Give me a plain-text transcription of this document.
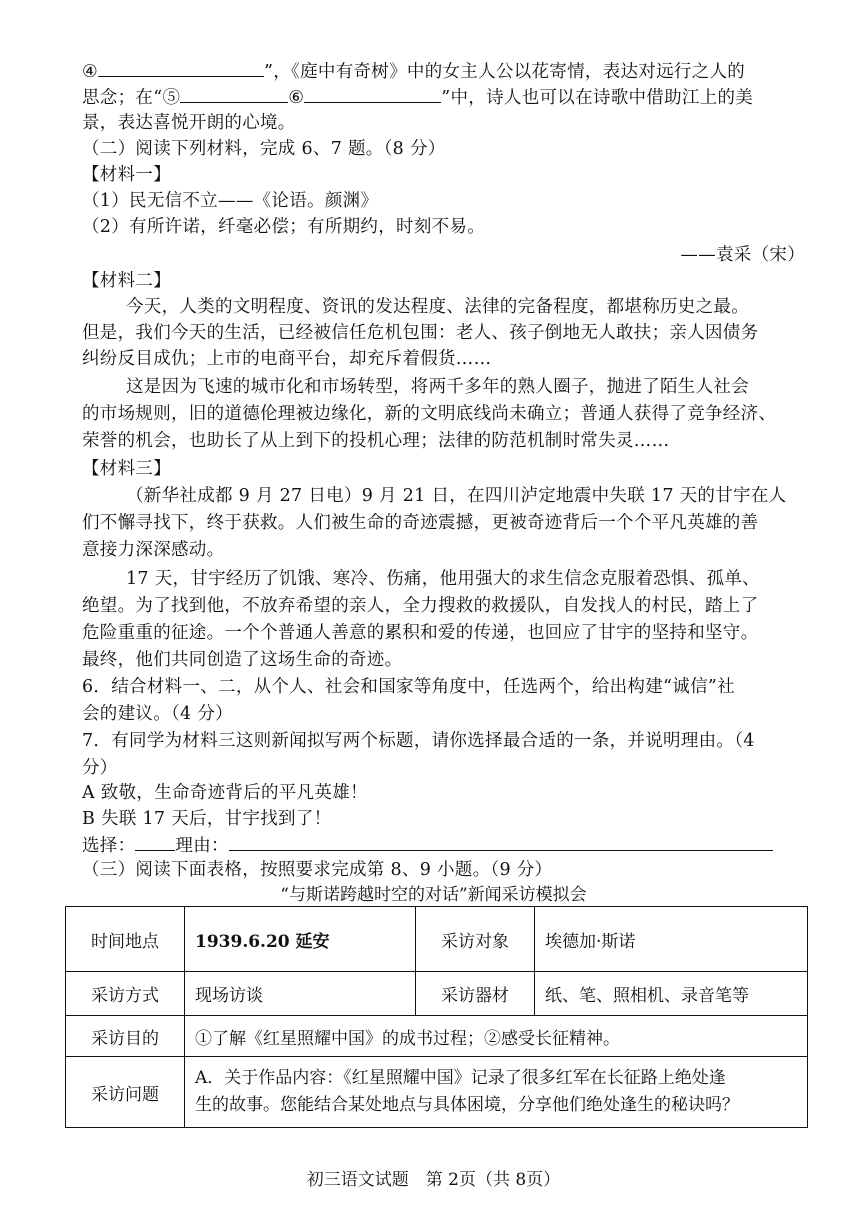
④	”，《庭中有奇树》中的女主人公以花寄情，表达对远行之人的
思念；在“⑤	⑥	”中，诗人也可以在诗歌中借助江上的美
景，表达喜悦开朗的心境。
（二）阅读下列材料，完成 6、7 题。（8 分）
【材料一】
（1）民无信不立——《论语。颜渊》
（2）有所许诺，纤毫必偿；有所期约，时刻不易。
——袁采（宋）
【材料二】
今天，人类的文明程度、资讯的发达程度、法律的完备程度，都堪称历史之最。
但是，我们今天的生活，已经被信任危机包围：老人、孩子倒地无人敢扶；亲人因债务
纠纷反目成仇；上市的电商平台，却充斥着假货……
这是因为飞速的城市化和市场转型，将两千多年的熟人圈子，抛进了陌生人社会
的市场规则，旧的道德伦理被边缘化，新的文明底线尚未确立；普通人获得了竞争经济、
荣誉的机会，也助长了从上到下的投机心理；法律的防范机制时常失灵……
【材料三】
（新华社成都 9 月 27 日电）9 月 21 日，在四川泸定地震中失联 17 天的甘宇在人
们不懈寻找下，终于获救。人们被生命的奇迹震撼，更被奇迹背后一个个平凡英雄的善
意接力深深感动。
17 天，甘宇经历了饥饿、寒冷、伤痛，他用强大的求生信念克服着恐惧、孤单、
绝望。为了找到他，不放弃希望的亲人，全力搜救的救援队，自发找人的村民，踏上了
危险重重的征途。一个个普通人善意的累积和爱的传递，也回应了甘宇的坚持和坚守。
最终，他们共同创造了这场生命的奇迹。
6．结合材料一、二，从个人、社会和国家等角度中，任选两个，给出构建“诚信”社
会的建议。（4 分）
7．有同学为材料三这则新闻拟写两个标题，请你选择最合适的一条，并说明理由。（4
分）
A 致敬，生命奇迹背后的平凡英雄！
B 失联 17 天后，甘宇找到了！
选择： 理由：
（三）阅读下面表格，按照要求完成第 8、9 小题。（9 分）
“与斯诺跨越时空的对话”新闻采访模拟会
时间地点	1939.6.20 延安	采访对象	埃德加·斯诺
采访方式	现场访谈	采访器材	纸、笔、照相机、录音笔等
采访目的	①了解《红星照耀中国》的成书过程；②感受长征精神。		
采访问题	A．关于作品内容：《红星照耀中国》记录了很多红军在长征路上绝处逢
生的故事。您能结合某处地点与具体困境，分享他们绝处逢生的秘诀吗？		
初三语文试题　第 2页（共 8页）
